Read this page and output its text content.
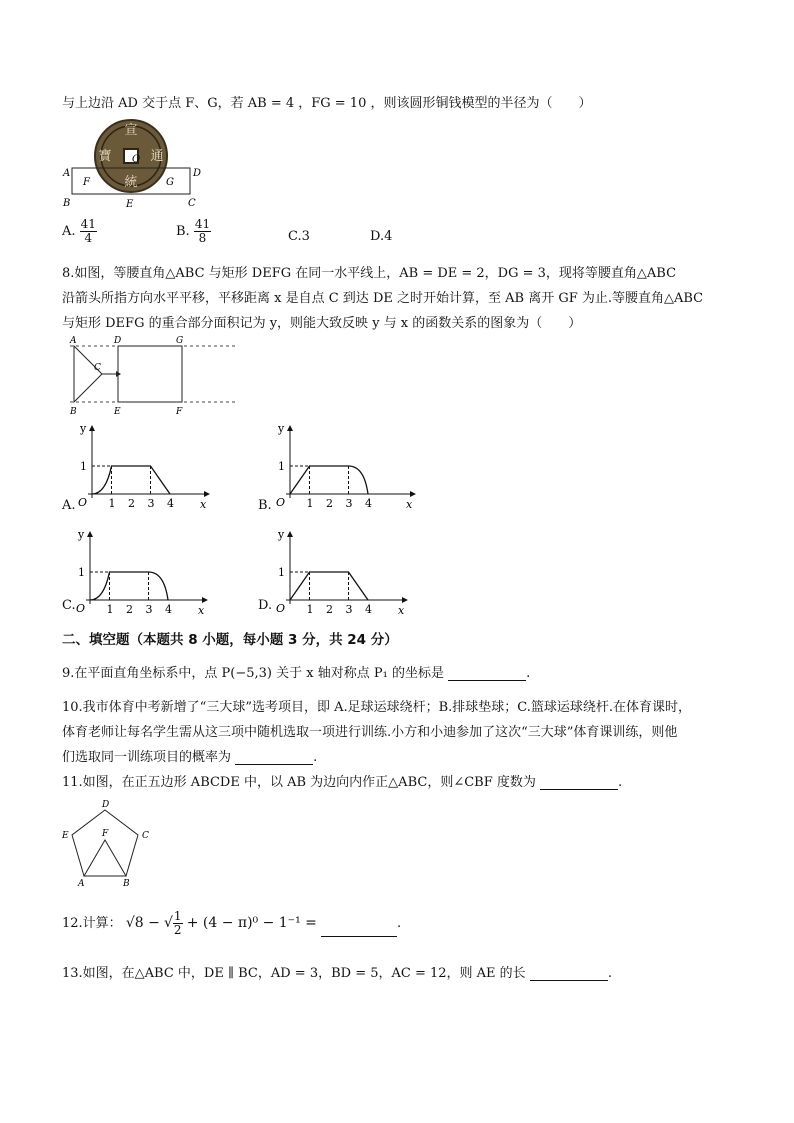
与上边沿 AD 交于点 F、G，若 AB = 4 ，FG = 10 ，则该圆形铜钱模型的半径为（　　）
宣
通
統
寶 O
A	D
B	C
E
F	G
A. $\frac{41}{4}$	B. $\frac{41}{8}$	C.3	D.4
8.如图，等腰直角△ABC 与矩形 DEFG 在同一水平线上，AB = DE = 2，DG = 3，现将等腰直角△ABC
沿箭头所指方向水平平移，平移距离 x 是自点 C 到达 DE 之时开始计算，至 AB 离开 GF 为止.等腰直角△ABC
与矩形 DEFG 的重合部分面积记为 y，则能大致反映 y 与 x 的函数关系的图象为（　　）
A
B
C
D
E	F
G
A.
y
x
O
1
1 2 3 4	B.
y
x
O
1
1 2 3 4
C.
y
x
O
1
1 2 3 4	D.
y
x
O
1
1 2 3 4
二、填空题（本题共 8 小题，每小题 3 分，共 24 分）
9.在平面直角坐标系中，点 P(−5,3) 关于 x 轴对称点 P₁ 的坐标是	.
10.我市体育中考新增了“三大球”选考项目，即 A.足球运球绕杆；B.排球垫球；C.篮球运球绕杆.在体育课时，
体育老师让每名学生需从这三项中随机选取一项进行训练.小方和小迪参加了这次“三大球”体育课训练，则他
们选取同一训练项目的概率为	.
11.如图，在正五边形 ABCDE 中，以 AB 为边向内作正△ABC，则∠CBF 度数为	.
D
C
E	F
A	B
12.计算： √8 − √ $\frac{1}{2} + (4 - \pi)^0 - 1^{-1}$ =	.
13.如图，在△ABC 中，DE ∥ BC，AD = 3，BD = 5，AC = 12，则 AE 的长	.
